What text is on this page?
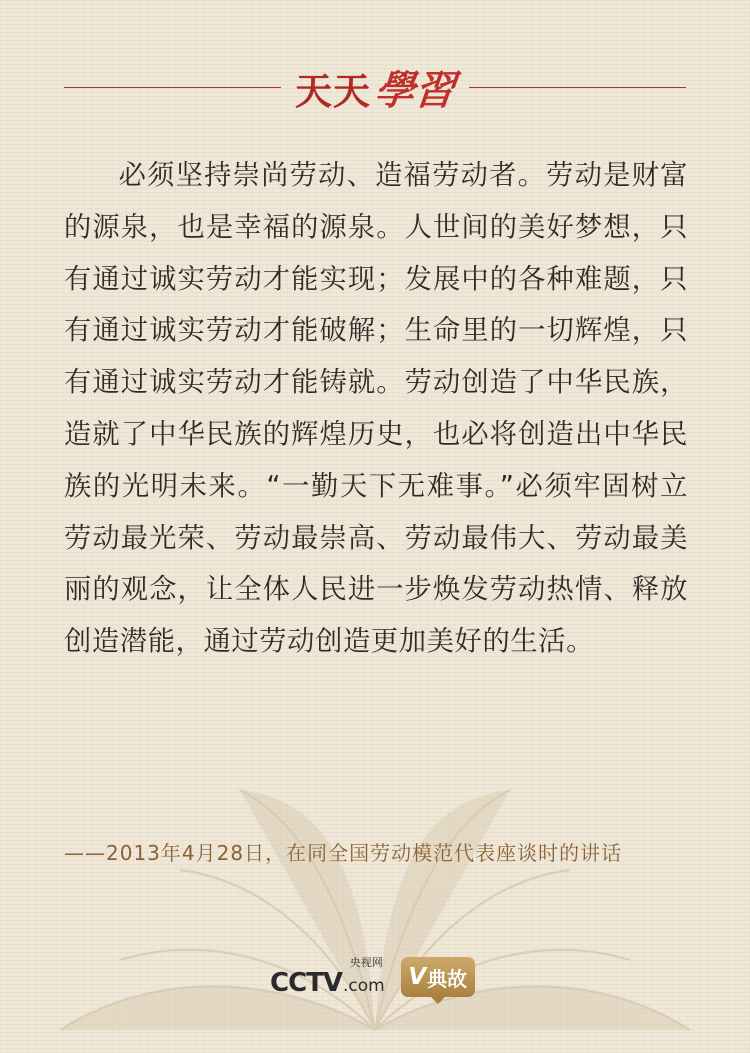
天天 學習

必须坚持崇尚劳动、造福劳动者。劳动是财富的源泉，也是幸福的源泉。人世间的美好梦想，只有通过诚实劳动才能实现；发展中的各种难题，只有通过诚实劳动才能破解；生命里的一切辉煌，只有通过诚实劳动才能铸就。劳动创造了中华民族，造就了中华民族的辉煌历史，也必将创造出中华民族的光明未来。“一勤天下无难事。”必须牢固树立劳动最光荣、劳动最崇高、劳动最伟大、劳动最美丽的观念，让全体人民进一步焕发劳动热情、释放创造潜能，通过劳动创造更加美好的生活。

——2013年4月28日，在同全国劳动模范代表座谈时的讲话

央视网
CCTV .com V 典故
